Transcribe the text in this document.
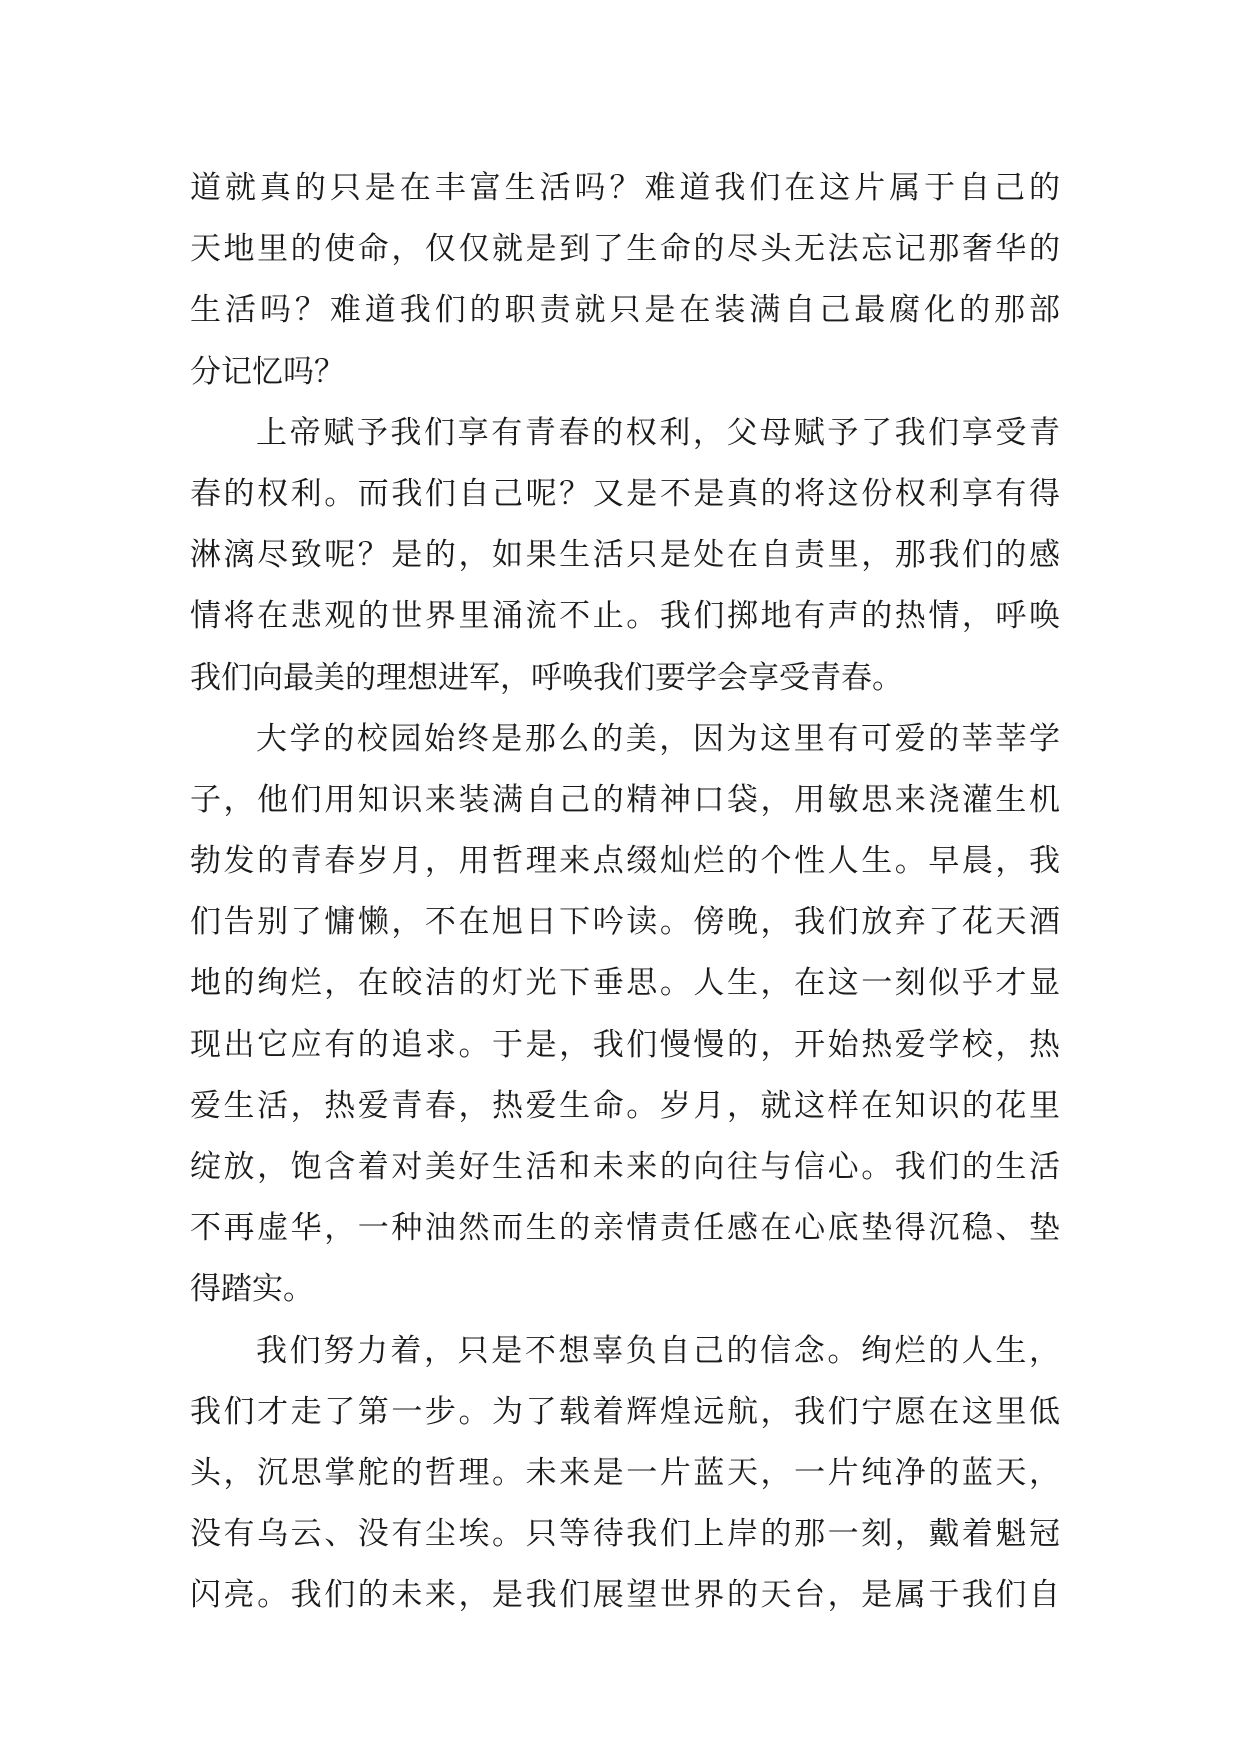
道就真的只是在丰富生活吗？难道我们在这片属于自己的
天地里的使命，仅仅就是到了生命的尽头无法忘记那奢华的
生活吗？难道我们的职责就只是在装满自己最腐化的那部
分记忆吗？
上帝赋予我们享有青春的权利，父母赋予了我们享受青
春的权利。而我们自己呢？又是不是真的将这份权利享有得
淋漓尽致呢？是的，如果生活只是处在自责里，那我们的感
情将在悲观的世界里涌流不止。我们掷地有声的热情，呼唤
我们向最美的理想进军，呼唤我们要学会享受青春。
大学的校园始终是那么的美，因为这里有可爱的莘莘学
子，他们用知识来装满自己的精神口袋，用敏思来浇灌生机
勃发的青春岁月，用哲理来点缀灿烂的个性人生。早晨，我
们告别了慵懒，不在旭日下吟读。傍晚，我们放弃了花天酒
地的绚烂，在皎洁的灯光下垂思。人生，在这一刻似乎才显
现出它应有的追求。于是，我们慢慢的，开始热爱学校，热
爱生活，热爱青春，热爱生命。岁月，就这样在知识的花里
绽放，饱含着对美好生活和未来的向往与信心。我们的生活
不再虚华，一种油然而生的亲情责任感在心底垫得沉稳、垫
得踏实。
我们努力着，只是不想辜负自己的信念。绚烂的人生，
我们才走了第一步。为了载着辉煌远航，我们宁愿在这里低
头，沉思掌舵的哲理。未来是一片蓝天，一片纯净的蓝天，
没有乌云、没有尘埃。只等待我们上岸的那一刻，戴着魁冠
闪亮。我们的未来，是我们展望世界的天台，是属于我们自
